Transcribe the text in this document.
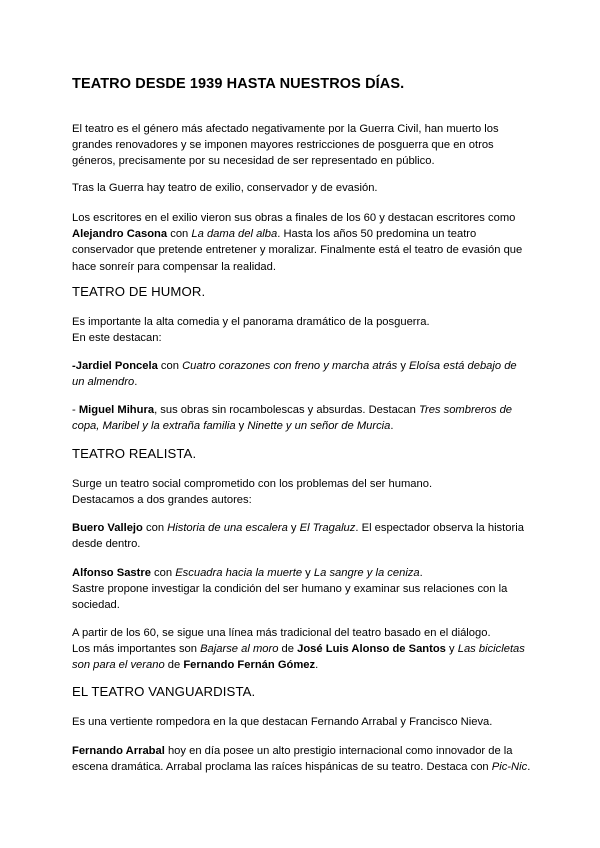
TEATRO DESDE 1939 HASTA NUESTROS DÍAS.
El teatro es el género más afectado negativamente por la Guerra Civil, han muerto los grandes renovadores y se imponen mayores restricciones de posguerra que en otros géneros, precisamente por su necesidad de ser representado en público.
Tras la Guerra hay teatro de exilio, conservador y de evasión.
Los escritores en el exilio vieron sus obras a finales de los 60 y destacan escritores como Alejandro Casona con La dama del alba. Hasta los años 50 predomina un teatro conservador que pretende entretener y moralizar. Finalmente está el teatro de evasión que hace sonreír para compensar la realidad.
TEATRO DE HUMOR.
Es importante la alta comedia y el panorama dramático de la posguerra.
En este destacan:
-Jardiel Poncela con Cuatro corazones con freno y marcha atrás y Eloísa está debajo de un almendro.
- Miguel Mihura, sus obras sin rocambolescas y absurdas. Destacan Tres sombreros de copa, Maribel y la extraña familia y Ninette y un señor de Murcia.
TEATRO REALISTA.
Surge un teatro social comprometido con los problemas del ser humano.
Destacamos a dos grandes autores:
Buero Vallejo con Historia de una escalera y El Tragaluz. El espectador observa la historia desde dentro.
Alfonso Sastre con Escuadra hacia la muerte y La sangre y la ceniza.
Sastre propone investigar la condición del ser humano y examinar sus relaciones con la sociedad.
A partir de los 60, se sigue una línea más tradicional del teatro basado en el diálogo.
Los más importantes son Bajarse al moro de José Luis Alonso de Santos y Las bicicletas son para el verano de Fernando Fernán Gómez.
EL TEATRO VANGUARDISTA.
Es una vertiente rompedora en la que destacan Fernando Arrabal y Francisco Nieva.
Fernando Arrabal hoy en día posee un alto prestigio internacional como innovador de la escena dramática. Arrabal proclama las raíces hispánicas de su teatro. Destaca con Pic-Nic.
